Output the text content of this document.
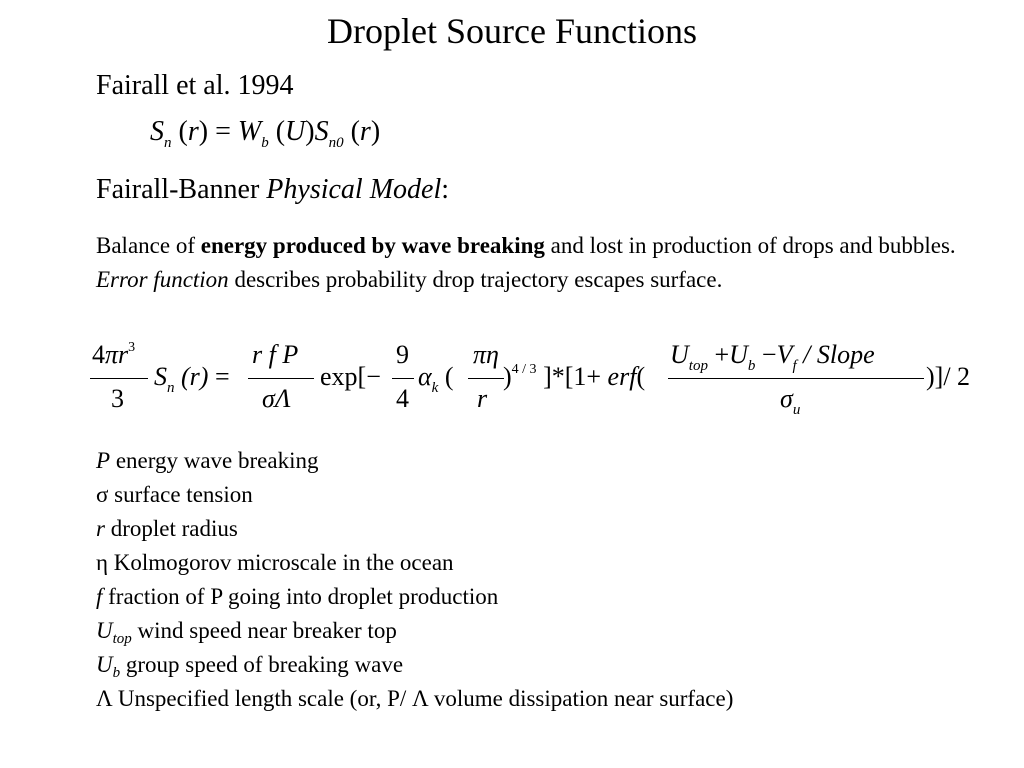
Droplet Source Functions
Fairall et al. 1994
$S_n$ $(r) = W_b$ $(U)S_{n0}$ (r)
Fairall-Banner Physical Model:
Balance of energy produced by wave breaking and lost in production of drops and bubbles. Error function describes probability drop trajectory escapes surface.
$4\pi r^3$
3
$S_n$ (r) =
r f P
σΛ
exp[−
9
4
$\alpha_k$ (
πη
r
)$^{4 / 3}$ ]*[1+ erf(
$U_{top} +U_b -V_f$ / Slope
$\sigma_u$
)]/ 2
P energy wave breaking
σ surface tension
r droplet radius
η Kolmogorov microscale in the ocean
f fraction of P going into droplet production
$U_{top}$ wind speed near breaker top
$U_b$ group speed of breaking wave
Λ Unspecified length scale (or, P/ Λ volume dissipation near surface)
